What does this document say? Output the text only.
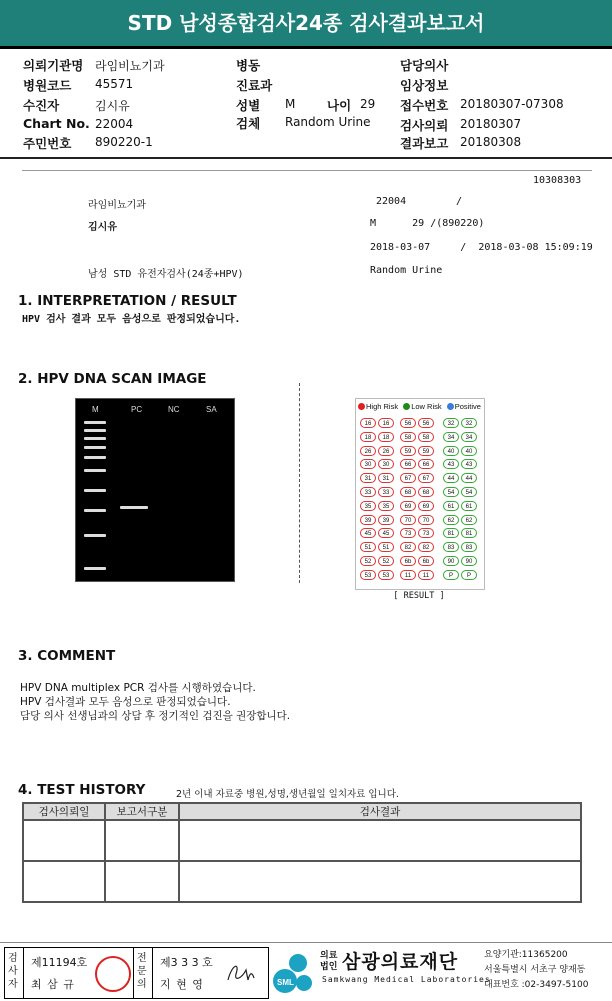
STD 남성종합검사24종 검사결과보고서
의뢰기관명 라임비뇨기과
병원코드 45571
수진자	김시유
Chart No. 22004
주민번호 890220-1
병동
진료과
성별 M	나이 29
검체 Random Urine
담당의사
임상정보
접수번호 20180307-07308
검사의뢰 20180307
결과보고 20180308
10308303
라임비뇨기과	22004	/
김시유	M      29 /(890220)
2018-03-07     /  2018-03-08 15:09:19
남성 STD 유전자검사(24종+HPV)	Random Urine
1. INTERPRETATION / RESULT
HPV 검사 결과 모두 음성으로 판정되었습니다.
2. HPV DNA SCAN IMAGE
M	PC	NC	SA	High Risk Low Risk Positive
16	16	56	56	32	32
18	18	58	58	34	34
26	26	59	59	40	40
30	30	66	66	43	43
31	31	67	67	44	44
33	33	68	68	54	54
35	35	69	69	61	61
39	39	70	70	62	62
45	45	73	73	81	81
51	51	82	82	83	83
52	52	6b	6b	90	90
53	53	11	11	P	P
[ RESULT ]
3. COMMENT
HPV DNA multiplex PCR 검사를 시행하였습니다.
HPV 검사결과 모두 음성으로 판정되었습니다.
담당 의사 선생님과의 상담 후 정기적인 검진을 권장합니다.
4. TEST HISTORY	2년 이내 자료중 병원,성명,생년월일 일치자료 입니다.
검사의뢰일	보고서구분	검사결과

검사자
제11194호
최 삼 규
전문의
제3 3 3 호
지 현 영	SML
의료법인 삼광의료재단
Samkwang Medical Laboratories
요양기관:11365200
서울특별시 서초구 양재동
대표번호 :02-3497-5100
